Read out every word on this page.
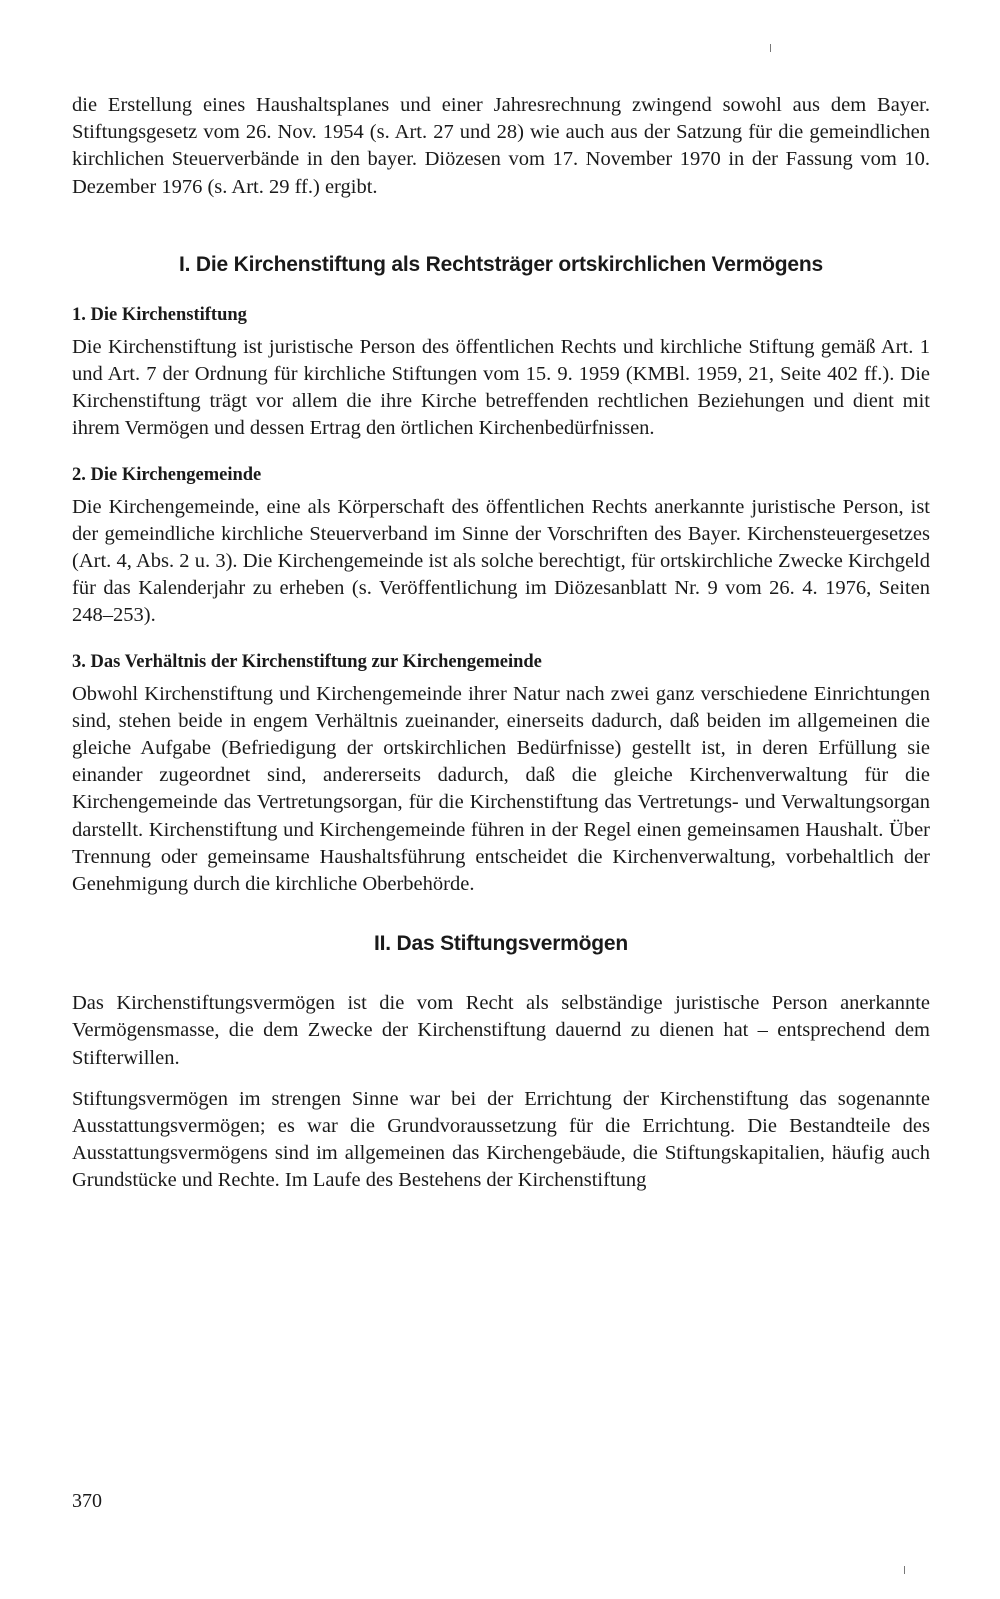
die Erstellung eines Haushaltsplanes und einer Jahresrechnung zwingend sowohl aus dem Bayer. Stiftungsgesetz vom 26. Nov. 1954 (s. Art. 27 und 28) wie auch aus der Satzung für die gemeindlichen kirchlichen Steuerverbände in den bayer. Diözesen vom 17. November 1970 in der Fassung vom 10. Dezember 1976 (s. Art. 29 ff.) ergibt.

I. Die Kirchenstiftung als Rechtsträger ortskirchlichen Vermögens
1. Die Kirchenstiftung

Die Kirchenstiftung ist juristische Person des öffentlichen Rechts und kirchliche Stiftung gemäß Art. 1 und Art. 7 der Ordnung für kirchliche Stiftungen vom 15. 9. 1959 (KMBl. 1959, 21, Seite 402 ff.). Die Kirchenstiftung trägt vor allem die ihre Kirche betreffenden rechtlichen Beziehungen und dient mit ihrem Vermögen und dessen Ertrag den örtlichen Kirchenbedürfnissen.

2. Die Kirchengemeinde

Die Kirchengemeinde, eine als Körperschaft des öffentlichen Rechts anerkannte juristische Person, ist der gemeindliche kirchliche Steuerverband im Sinne der Vorschriften des Bayer. Kirchensteuergesetzes (Art. 4, Abs. 2 u. 3). Die Kirchengemeinde ist als solche berechtigt, für ortskirchliche Zwecke Kirchgeld für das Kalenderjahr zu erheben (s. Veröffentlichung im Diözesanblatt Nr. 9 vom 26. 4. 1976, Seiten 248–253).

3. Das Verhältnis der Kirchenstiftung zur Kirchengemeinde

Obwohl Kirchenstiftung und Kirchengemeinde ihrer Natur nach zwei ganz verschiedene Einrichtungen sind, stehen beide in engem Verhältnis zueinander, einerseits dadurch, daß beiden im allgemeinen die gleiche Aufgabe (Befriedigung der ortskirchlichen Bedürfnisse) gestellt ist, in deren Erfüllung sie einander zugeordnet sind, andererseits dadurch, daß die gleiche Kirchenverwaltung für die Kirchengemeinde das Vertretungsorgan, für die Kirchenstiftung das Vertretungs- und Verwaltungsorgan darstellt. Kirchenstiftung und Kirchengemeinde führen in der Regel einen gemeinsamen Haushalt. Über Trennung oder gemeinsame Haushaltsführung entscheidet die Kirchenverwaltung, vorbehaltlich der Genehmigung durch die kirchliche Oberbehörde.

II. Das Stiftungsvermögen

Das Kirchenstiftungsvermögen ist die vom Recht als selbständige juristische Person anerkannte Vermögensmasse, die dem Zwecke der Kirchenstiftung dauernd zu dienen hat – entsprechend dem Stifterwillen.

Stiftungsvermögen im strengen Sinne war bei der Errichtung der Kirchenstiftung das sogenannte Ausstattungsvermögen; es war die Grundvoraussetzung für die Errichtung. Die Bestandteile des Ausstattungsvermögens sind im allgemeinen das Kirchengebäude, die Stiftungskapitalien, häufig auch Grundstücke und Rechte. Im Laufe des Bestehens der Kirchenstiftung

370
